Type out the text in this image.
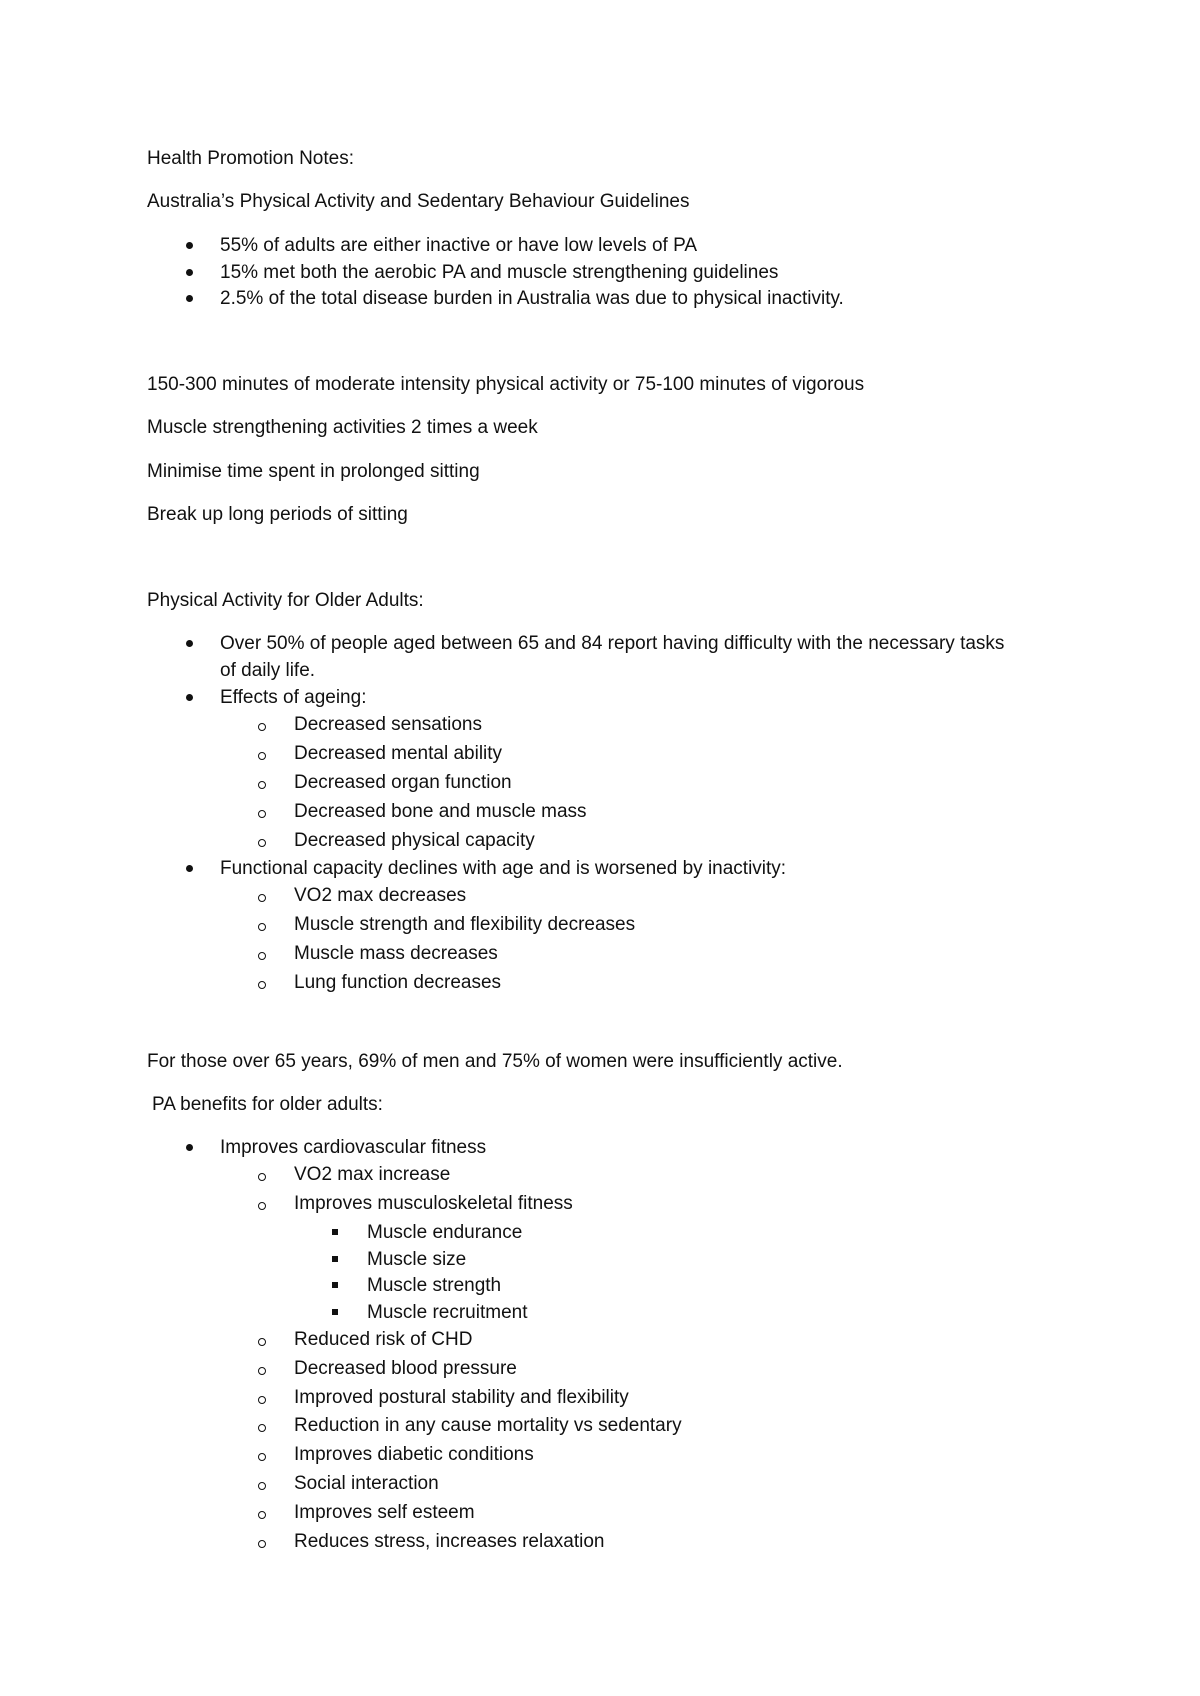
Health Promotion Notes:
Australia’s Physical Activity and Sedentary Behaviour Guidelines
55% of adults are either inactive or have low levels of PA
15% met both the aerobic PA and muscle strengthening guidelines
2.5% of the total disease burden in Australia was due to physical inactivity.
150-300 minutes of moderate intensity physical activity or 75-100 minutes of vigorous
Muscle strengthening activities 2 times a week
Minimise time spent in prolonged sitting
Break up long periods of sitting
Physical Activity for Older Adults:
Over 50% of people aged between 65 and 84 report having difficulty with the necessary tasks
of daily life.
Effects of ageing:
Decreased sensations
Decreased mental ability
Decreased organ function
Decreased bone and muscle mass
Decreased physical capacity
Functional capacity declines with age and is worsened by inactivity:
VO2 max decreases
Muscle strength and flexibility decreases
Muscle mass decreases
Lung function decreases
For those over 65 years, 69% of men and 75% of women were insufficiently active.
PA benefits for older adults:
Improves cardiovascular fitness
VO2 max increase
Improves musculoskeletal fitness
Muscle endurance
Muscle size
Muscle strength
Muscle recruitment
Reduced risk of CHD
Decreased blood pressure
Improved postural stability and flexibility
Reduction in any cause mortality vs sedentary
Improves diabetic conditions
Social interaction
Improves self esteem
Reduces stress, increases relaxation
